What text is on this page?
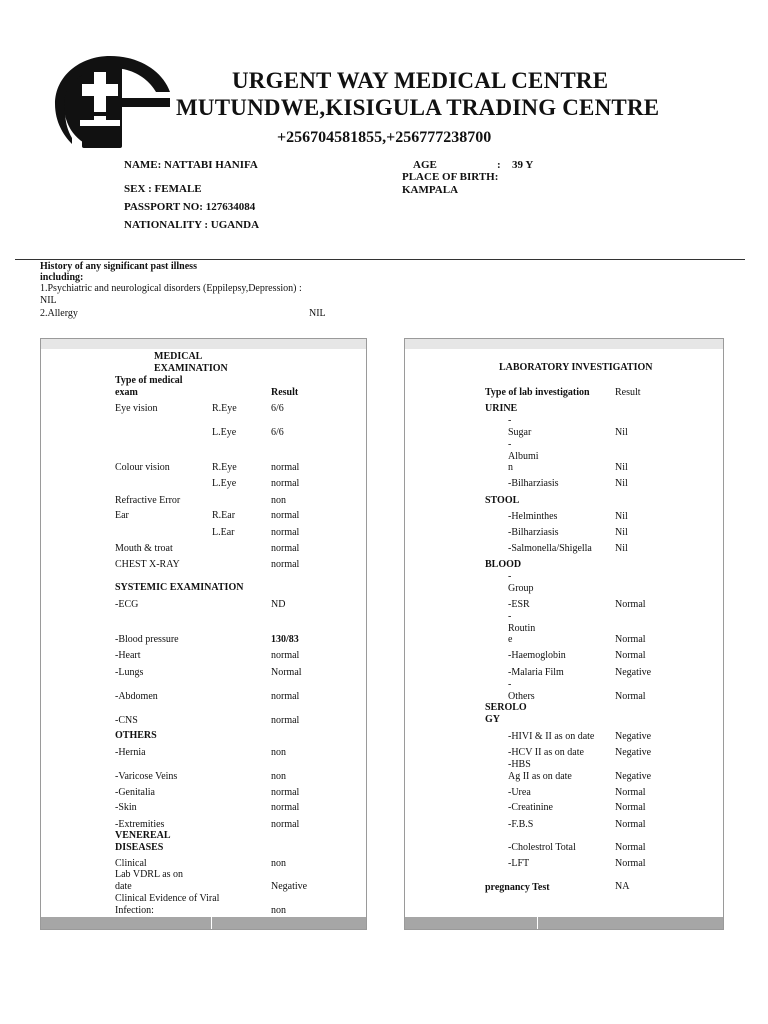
URGENT WAY MEDICAL CENTRE
MUTUNDWE,KISIGULA TRADING CENTRE
+256704581855,+256777238700
NAME: NATTABI HANIFA	AGE	: 39 Y
PLACE OF BIRTH:
SEX : FEMALE	KAMPALA
PASSPORT NO: 127634084
NATIONALITY : UGANDA
History of any significant past illness
including:
1.Psychiatric and neurological disorders (Eppilepsy,Depression) :
NIL
2.Allergy	NIL
MEDICAL
EXAMINATION
Type of medical
exam	Result
Eye vision	R.Eye	6/6
L.Eye	6/6
Colour vision	R.Eye	normal
L.Eye	normal
Refractive Error	non
Ear	R.Ear	normal
L.Ear	normal
Mouth & troat	normal
CHEST X-RAY	normal
SYSTEMIC EXAMINATION
-ECG	ND
-Blood pressure	130/83
-Heart	normal
-Lungs	Normal
-Abdomen	normal
-CNS	normal
OTHERS
-Hernia	non
-Varicose Veins	non
-Genitalia	normal
-Skin	normal
-Extremities	normal
VENEREAL
DISEASES
Clinical	non
Lab VDRL as on
date	Negative
Clinical Evidence of Viral
Infection:	non
LABORATORY INVESTIGATION
Type of lab investigation	Result
URINE
-
Sugar	Nil
-
Albumi
n	Nil
-Bilharziasis	Nil
STOOL
-Helminthes	Nil
-Bilharziasis	Nil
-Salmonella/Shigella Nil
BLOOD
-
Group
-ESR	Normal
-
Routin
e	Normal
-Haemoglobin	Normal
-Malaria Film	Negative
-
Others	Normal
SEROLO
GY
-HIVI & II as on date Negative
-HCV II as on date	Negative
-HBS
Ag II as on date	Negative
-Urea	Normal
-Creatinine	Normal
-F.B.S	Normal
-Cholestrol Total	Normal
-LFT	Normal
pregnancy Test	NA
